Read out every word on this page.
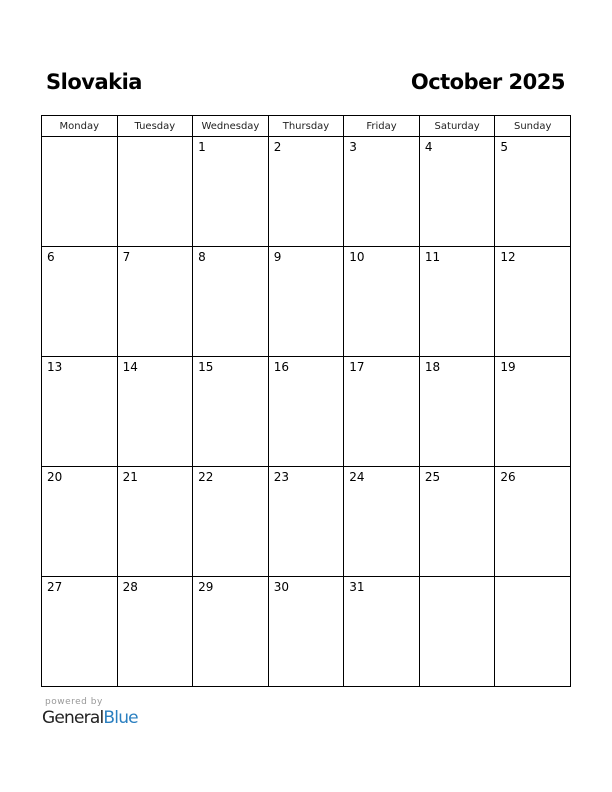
Slovakia	October 2025
Monday	Tuesday	Wednesday	Thursday	Friday	Saturday	Sunday

		1	2	3	4	5

6	7	8	9	10	11	12

13	14	15	16	17	18	19

20	21	22	23	24	25	26

27	28	29	30	31		

powered by
GeneralBlue
